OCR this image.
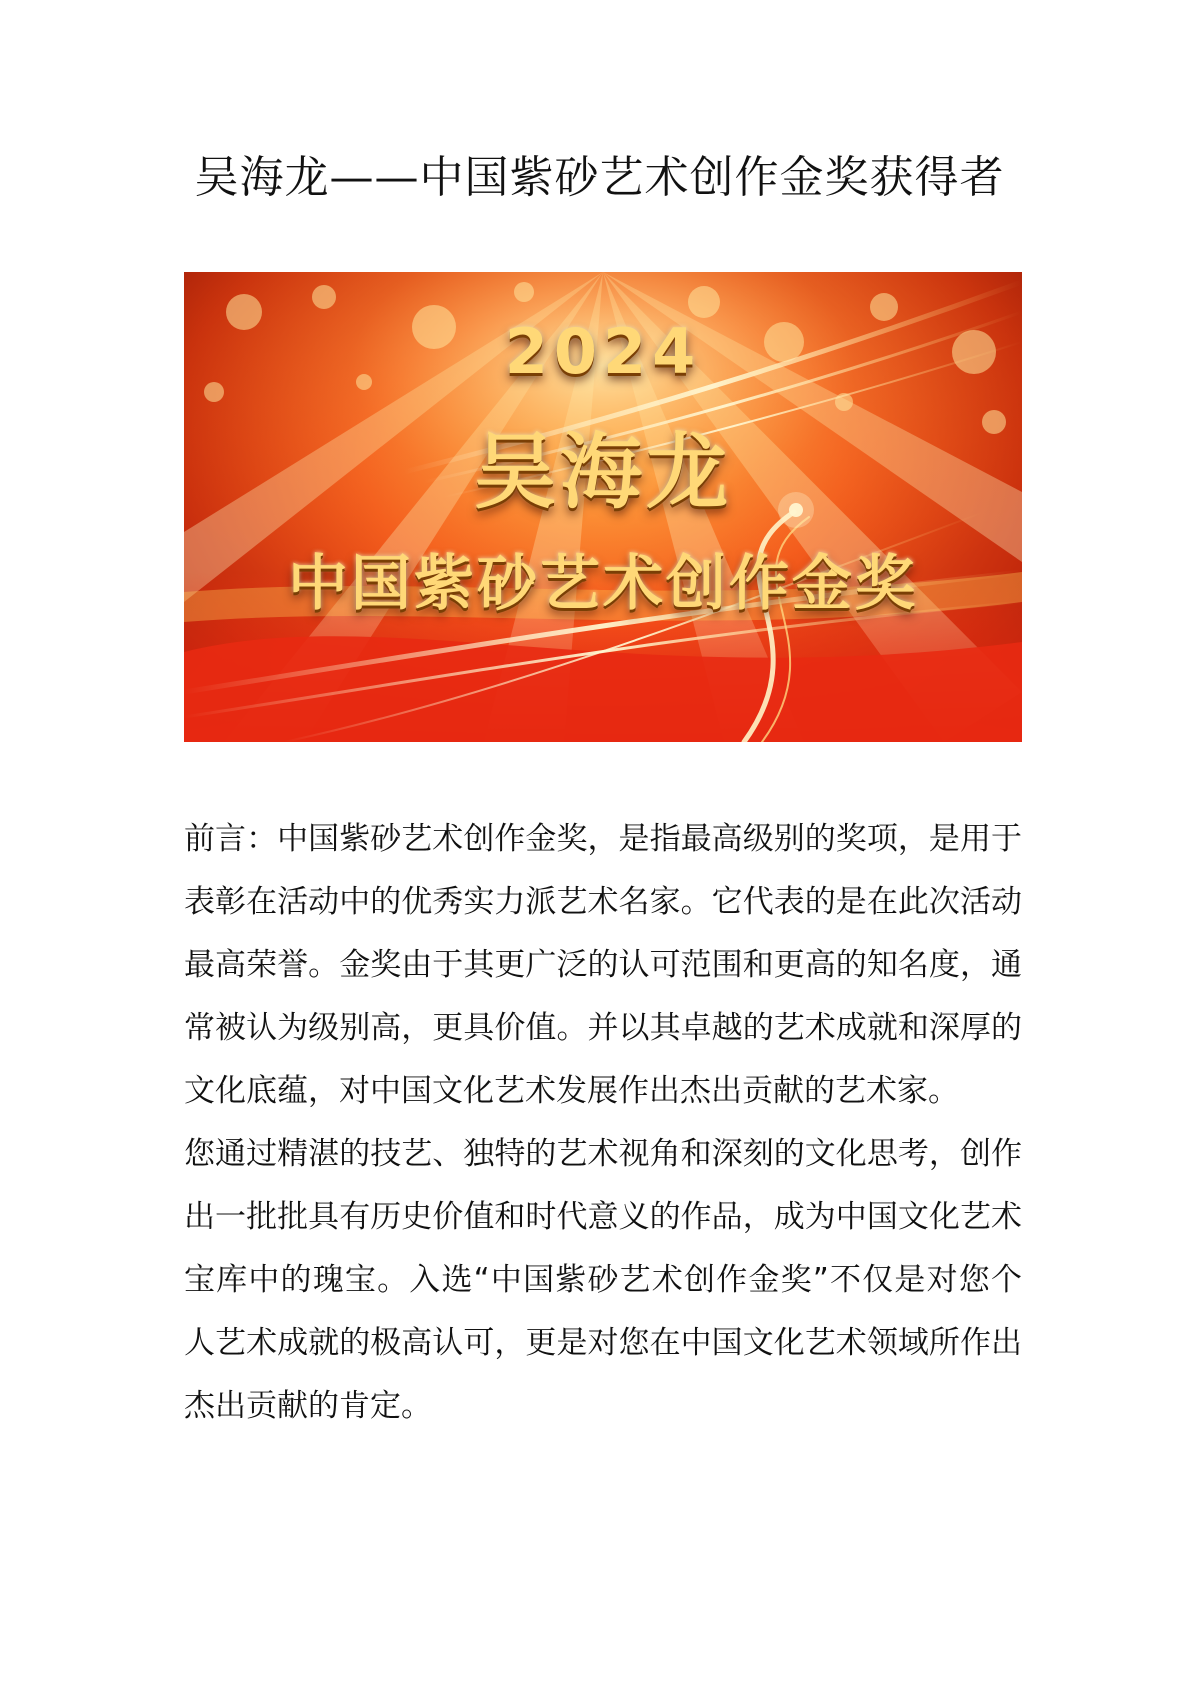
吴海龙——中国紫砂艺术创作金奖获得者
2024
吴海龙
中国紫砂艺术创作金奖

前言：中国紫砂艺术创作金奖，是指最高级别的奖项，是用于表彰在活动中的优秀实力派艺术名家。它代表的是在此次活动最高荣誉。金奖由于其更广泛的认可范围和更高的知名度，通常被认为级别高，更具价值。并以其卓越的艺术成就和深厚的文化底蕴，对中国文化艺术发展作出杰出贡献的艺术家。

您通过精湛的技艺、独特的艺术视角和深刻的文化思考，创作出一批批具有历史价值和时代意义的作品，成为中国文化艺术宝库中的瑰宝。入选“中国紫砂艺术创作金奖”不仅是对您个人艺术成就的极高认可，更是对您在中国文化艺术领域所作出杰出贡献的肯定。
